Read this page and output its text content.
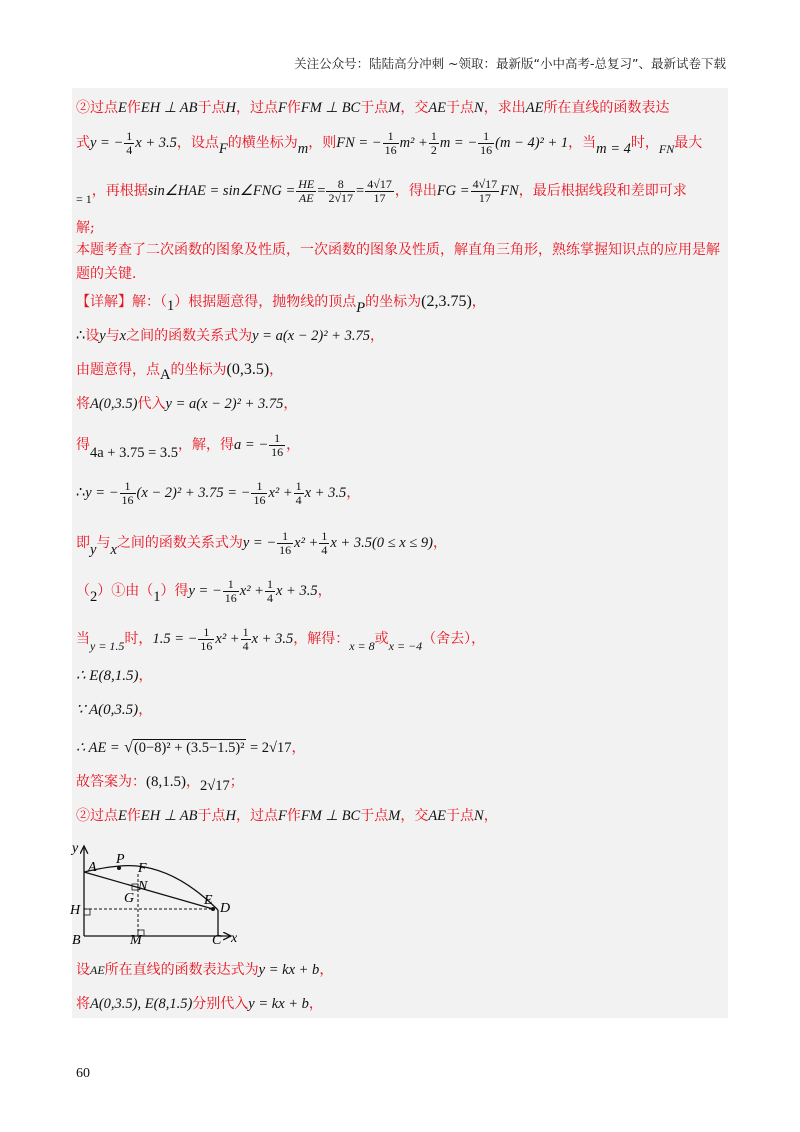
关注公众号：陆陆高分冲刺 ~领取：最新版“小中高考-总复习”、最新试卷下载
②过点E作EH ⊥ AB于点H，过点F作FM ⊥ BC于点M，交AE于点N，求出AE所在直线的函数表达
式y = − $\frac{1}{4}$ x + 3.5，设点F的横坐标为m，则FN = − $\frac{1}{16} m^2 + \frac{1}{2}$ m = − $\frac{1}{16} (m - 4)^2 + 1$，当m = 4时，FN最大
= 1，再根据sin∠HAE = sin∠FNG = $\frac{HE}{AE} = \frac{8}{2√17} = \frac{4√17}{17}$ ，得出FG = $\frac{4√17}{17}$ FN，最后根据线段和差即可求
解;
本题考查了二次函数的图象及性质，一次函数的图象及性质，解直角三角形，熟练掌握知识点的应用是解
题的关键．
【详解】解：（1）根据题意得，抛物线的顶点P的坐标为(2,3.75)，
∴设y与x之间的函数关系式为y = a(x − 2)² + 3.75，
由题意得，点A的坐标为(0,3.5)，
将A(0,3.5)代入y = a(x − 2)² + 3.75，
得4a + 3.75 = 3.5，解，得a = − $\frac{1}{16}$ ，
∴y = − $\frac{1}{16} (x - 2)^2 + 3.75$ = − $\frac{1}{16} x^2 + \frac{1}{4}$ x + 3.5，
即y与x之间的函数关系式为y = − $\frac{1}{16} x^2 + \frac{1}{4}$ x + 3.5(0 ≤ x ≤ 9)，
（2）①由（1）得y = − $\frac{1}{16} x^2 + \frac{1}{4}$ x + 3.5，
当y = 1.5时，1.5 = − $\frac{1}{16} x^2 + \frac{1}{4}$ x + 3.5，解得：x = 8或x = −4（舍去），
∴ E(8,1.5)，
∵ A(0,3.5)，
∴ AE = √(0−8)² + (3.5−1.5)² = 2√17，
故答案为：(8,1.5)，2√17；
②过点E作EH ⊥ AB于点H，过点F作FM ⊥ BC于点M，交AE于点N，
y
x
A
P
F
N
G	E
D
H
B	M	C
设AE所在直线的函数表达式为y = kx + b，
将A(0,3.5), E(8,1.5)分别代入y = kx + b，
60
